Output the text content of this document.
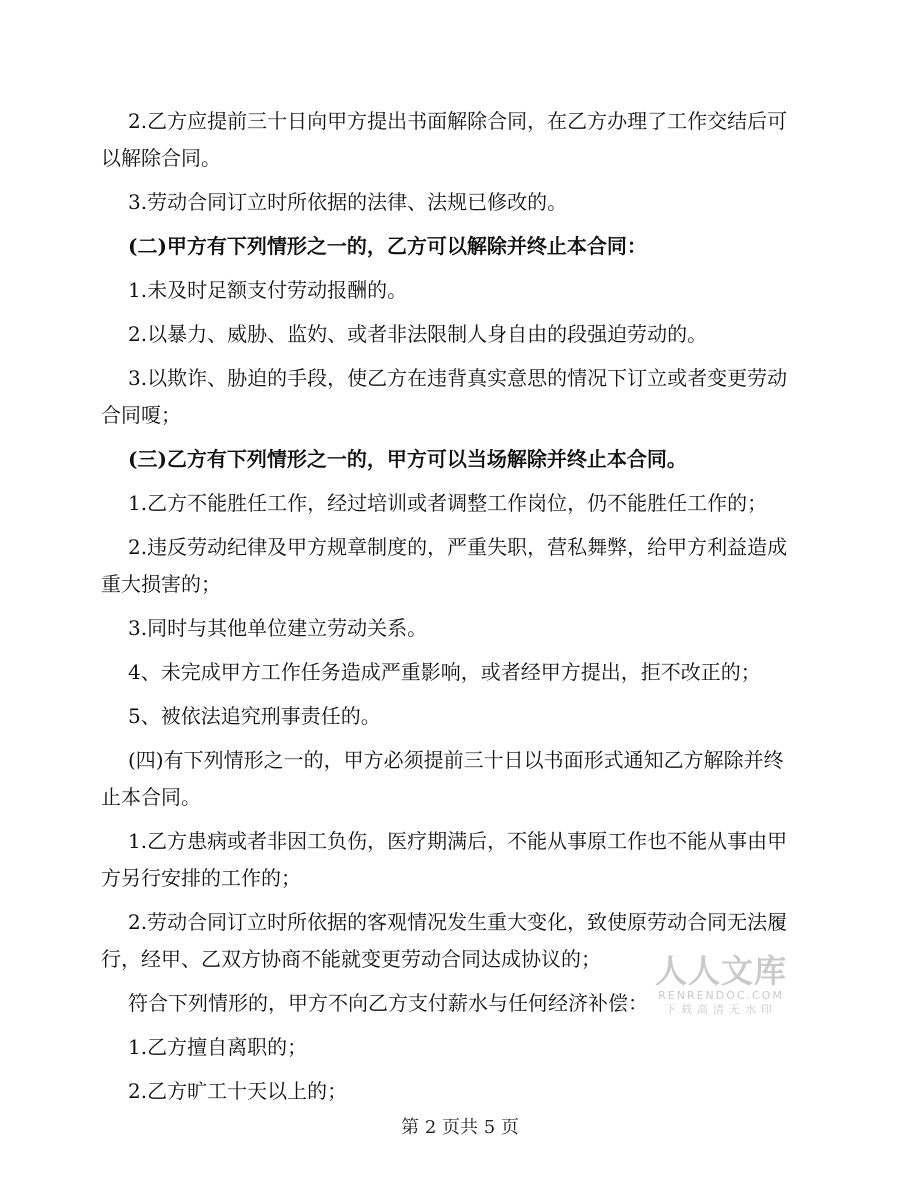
2.乙方应提前三十日向甲方提出书面解除合同，在乙方办理了工作交结后可以解除合同。

3.劳动合同订立时所依据的法律、法规已修改的。

(二)甲方有下列情形之一的，乙方可以解除并终止本合同：

1.未及时足额支付劳动报酬的。

2.以暴力、威胁、监妁、或者非法限制人身自由的段强迫劳动的。

3.以欺诈、胁迫的手段，使乙方在违背真实意思的情况下订立或者变更劳动合同嗄；

(三)乙方有下列情形之一的，甲方可以当场解除并终止本合同。

1.乙方不能胜任工作，经过培训或者调整工作岗位，仍不能胜任工作的；

2.违反劳动纪律及甲方规章制度的，严重失职，营私舞弊，给甲方利益造成重大损害的；

3.同时与其他单位建立劳动关系。

4、未完成甲方工作任务造成严重影响，或者经甲方提出，拒不改正的；

5、被依法追究刑事责任的。

(四)有下列情形之一的，甲方必须提前三十日以书面形式通知乙方解除并终止本合同。

1.乙方患病或者非因工负伤，医疗期满后，不能从事原工作也不能从事由甲方另行安排的工作的；

2.劳动合同订立时所依据的客观情况发生重大变化，致使原劳动合同无法履行，经甲、乙双方协商不能就变更劳动合同达成协议的；

符合下列情形的，甲方不向乙方支付薪水与任何经济补偿：

1.乙方擅自离职的；

2.乙方旷工十天以上的；

人人文库
RENRENDOC.COM
下载高清无水印
第 2 页共 5 页
